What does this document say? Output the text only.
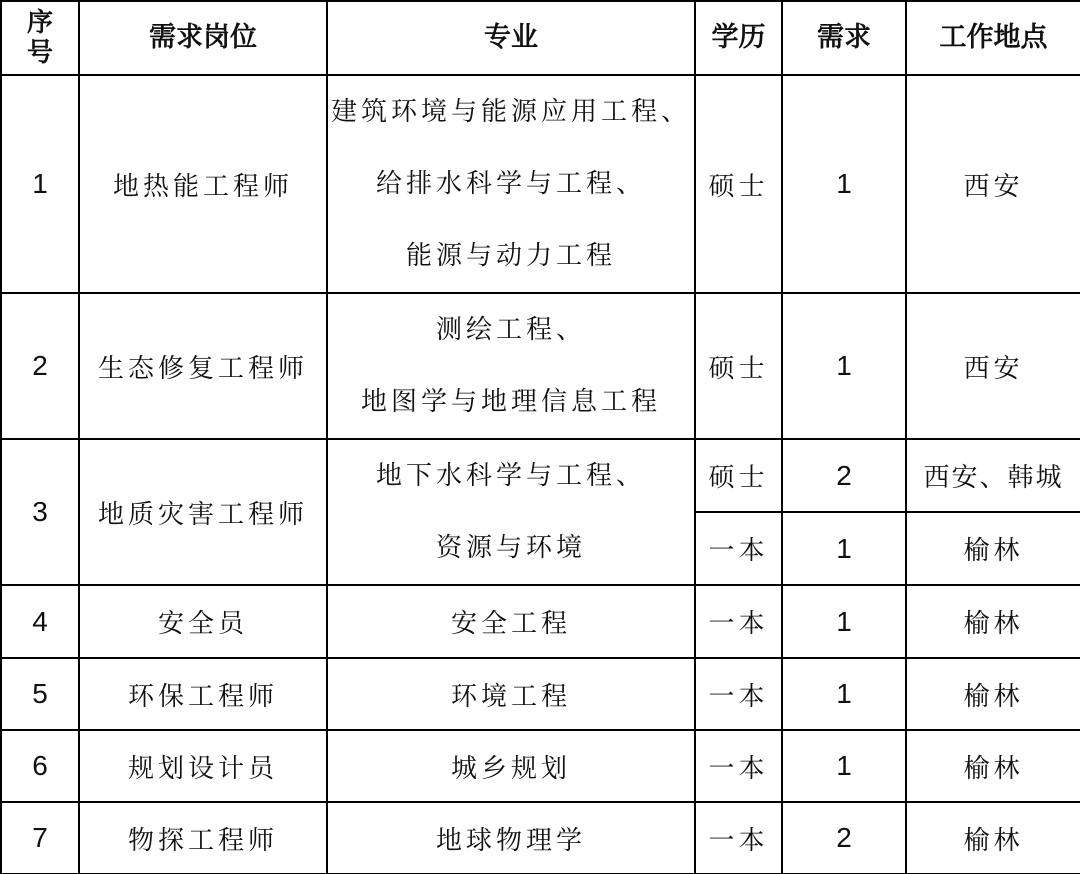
序
号	需求岗位	专业	学历	需求	工作地点
1	地热能工程师	建筑环境与能源应用工程、
给排水科学与工程、
能源与动力工程	硕士	1	西安
2	生态修复工程师	测绘工程、
地图学与地理信息工程	硕士	1	西安
3	地质灾害工程师	地下水科学与工程、
资源与环境	硕士	2	西安、韩城
			一本	1	榆林
4	安全员	安全工程	一本	1	榆林
5	环保工程师	环境工程	一本	1	榆林
6	规划设计员	城乡规划	一本	1	榆林
7	物探工程师	地球物理学	一本	2	榆林
